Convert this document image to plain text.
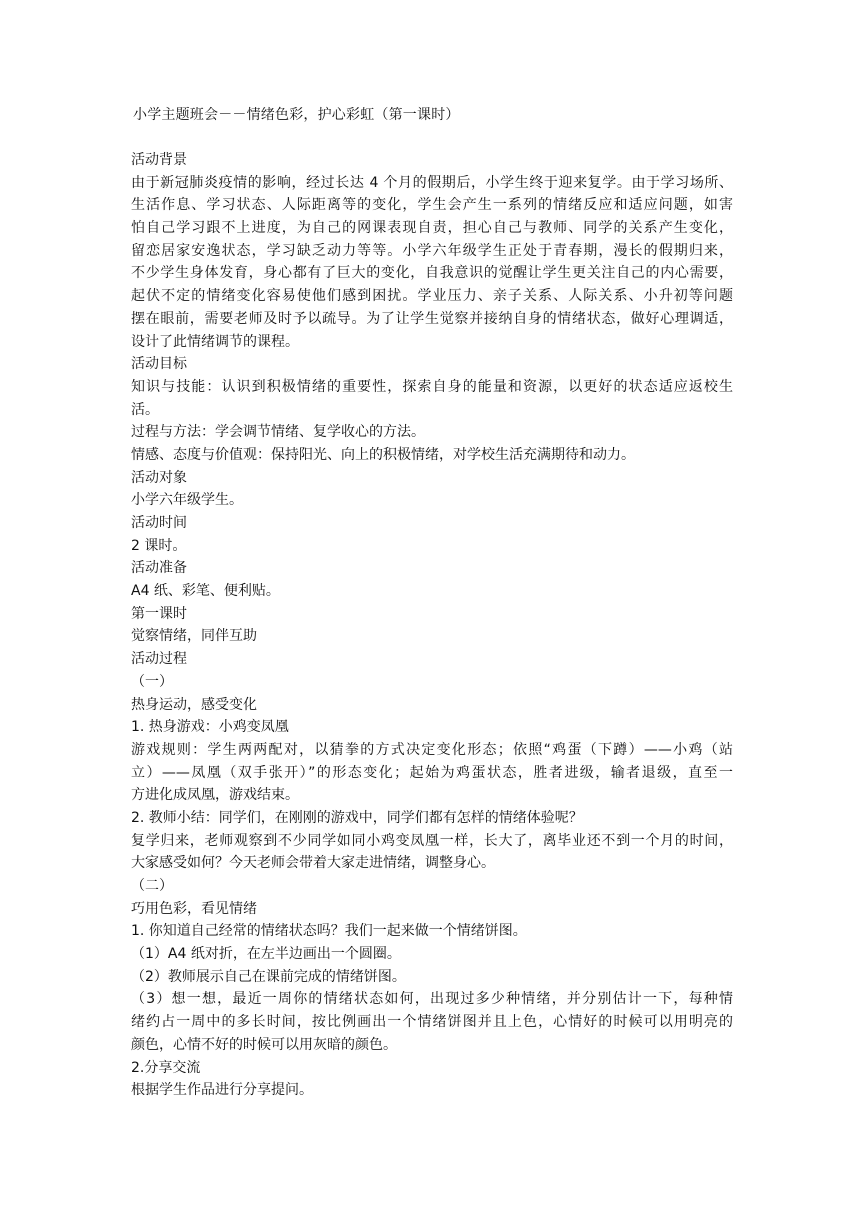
小学主题班会－－情绪色彩，护心彩虹（第一课时）
活动背景
由于新冠肺炎疫情的影响，经过长达 4 个月的假期后，小学生终于迎来复学。由于学习场所、
生活作息、学习状态、人际距离等的变化，学生会产生一系列的情绪反应和适应问题，如害
怕自己学习跟不上进度，为自己的网课表现自责，担心自己与教师、同学的关系产生变化，
留恋居家安逸状态，学习缺乏动力等等。小学六年级学生正处于青春期，漫长的假期归来，
不少学生身体发育，身心都有了巨大的变化，自我意识的觉醒让学生更关注自己的内心需要，
起伏不定的情绪变化容易使他们感到困扰。学业压力、亲子关系、人际关系、小升初等问题
摆在眼前，需要老师及时予以疏导。为了让学生觉察并接纳自身的情绪状态，做好心理调适，
设计了此情绪调节的课程。
活动目标
知识与技能：认识到积极情绪的重要性，探索自身的能量和资源，以更好的状态适应返校生
活。
过程与方法：学会调节情绪、复学收心的方法。
情感、态度与价值观：保持阳光、向上的积极情绪，对学校生活充满期待和动力。
活动对象
小学六年级学生。
活动时间
2 课时。
活动准备
A4 纸、彩笔、便利贴。
第一课时
觉察情绪，同伴互助
活动过程
（一）
热身运动，感受变化
1. 热身游戏：小鸡变凤凰
游戏规则：学生两两配对，以猜拳的方式决定变化形态；依照“鸡蛋（下蹲）——小鸡（站
立）——凤凰（双手张开）”的形态变化；起始为鸡蛋状态，胜者进级，输者退级，直至一
方进化成凤凰，游戏结束。
2. 教师小结：同学们，在刚刚的游戏中，同学们都有怎样的情绪体验呢？
复学归来，老师观察到不少同学如同小鸡变凤凰一样，长大了，离毕业还不到一个月的时间，
大家感受如何？今天老师会带着大家走进情绪，调整身心。
（二）
巧用色彩，看见情绪
1. 你知道自己经常的情绪状态吗？我们一起来做一个情绪饼图。
（1）A4 纸对折，在左半边画出一个圆圈。
（2）教师展示自己在课前完成的情绪饼图。
（3）想一想，最近一周你的情绪状态如何，出现过多少种情绪，并分别估计一下，每种情
绪约占一周中的多长时间，按比例画出一个情绪饼图并且上色，心情好的时候可以用明亮的
颜色，心情不好的时候可以用灰暗的颜色。
2.分享交流
根据学生作品进行分享提问。
